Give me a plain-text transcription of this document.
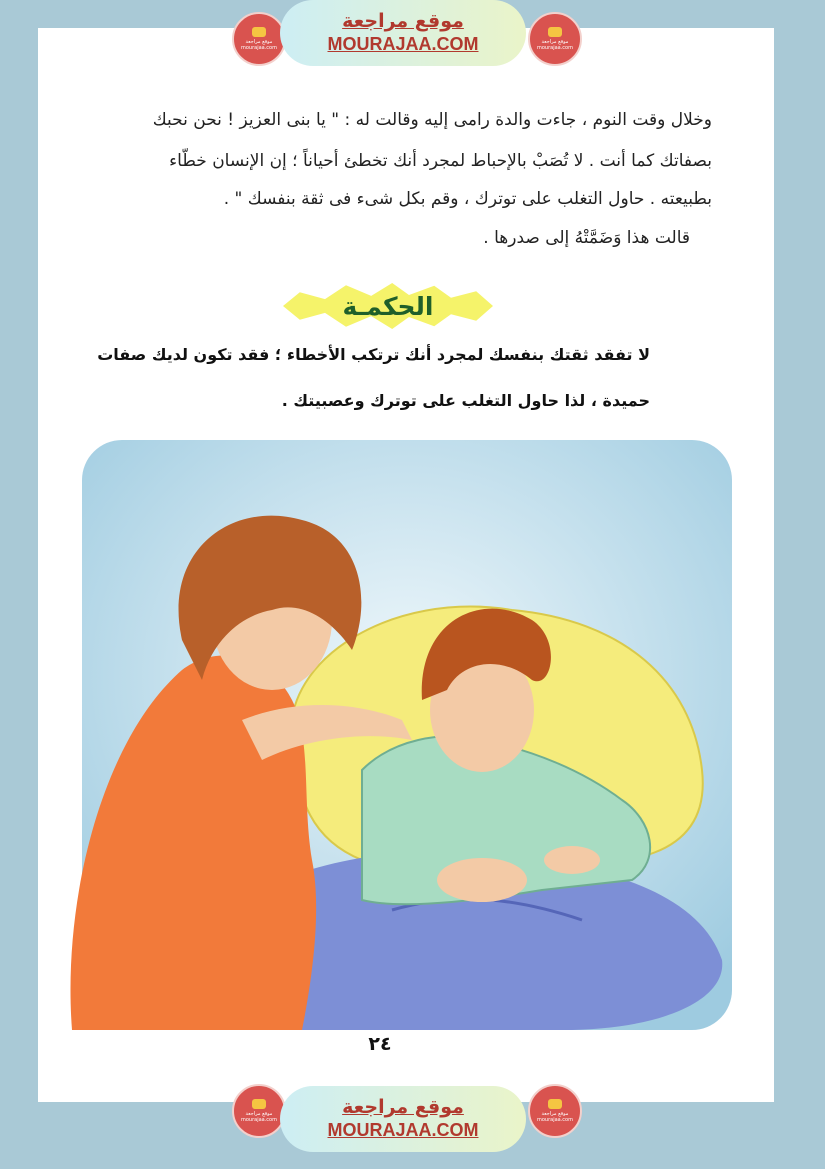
موقع مراجعة
mourajaa.com
موقع مراجعة
MOURAJAA.COM	موقع مراجعة
mourajaa.com
وخلال وقت النوم ، جاءت والدة رامى إليه وقالت له : " يا بنى العزيز ! نحن نحبك
بصفاتك كما أنت . لا تُصَبْ بالإحباط لمجرد أنك تخطئ أحياناً ؛ إن الإنسان خطّاء
بطبيعته . حاول التغلب على توترك ، وقم بكل شىء فى ثقة بنفسك " .
قالت هذا وَضَمَّتْهُ إلى صدرها .
الحكمـة
لا تفقد ثقتك بنفسك لمجرد أنك ترتكب الأخطاء ؛ فقد تكون لديك صفات
حميدة ، لذا حاول التغلب على توترك وعصبيتك .
٢٤
موقع مراجعة
mourajaa.com
موقع مراجعة
MOURAJAA.COM
موقع مراجعة
mourajaa.com
